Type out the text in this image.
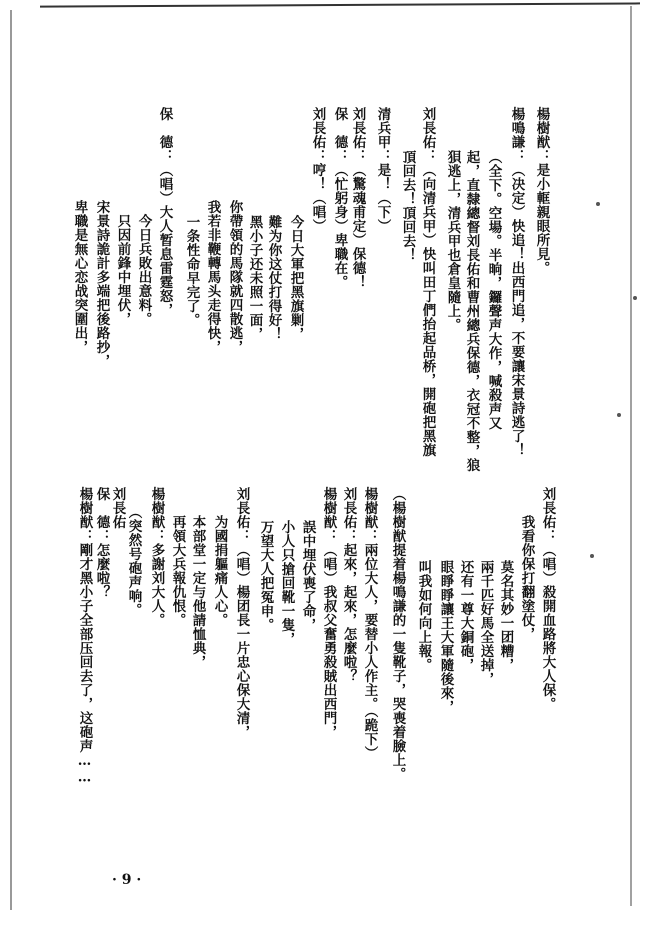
楊樹猷：是小軭親眼所見。
楊鳴謙：（决定）快追！出西門追，不要讓宋景詩逃了！
（全下。空場。半晌，鑼聲声大作，喊殺声又
起，直隸總督刘長佑和曹州總兵保德，衣冠不整，狼
狽逃上，清兵甲也倉皇隨上。
刘長佑：（向清兵甲）快叫田丁們抬起品桥，開砲把黑旗
頂回去！頂回去！
清兵甲：是！（下）
刘長佑：（驚魂甫定）保德！
保　德：（忙躬身）卑職在。
刘長佑：哼！（唱）
今日大軍把黑旗剿，
難为你这仗打得好！
黑小子还未照一面，
你帶領的馬隊就四散逃，
我若非鞭轉馬头走得快，
一条性命早完了。
保　德：（唱）大人暂息雷霆怒，
今日兵敗出意料。
只因前鋒中埋伏，
宋景詩詭計多端把後路抄，
卑職是無心恋战突圍出，
刘長佑：（唱）殺開血路將大人保。
我看你保打翻塗仗，
莫名其妙一团糟，
兩千匹好馬全送掉，
还有一尊大銅砲，
眼睜睜讓王大軍隨後來，
叫我如何向上報。
（楊樹猷提着楊鳴謙的一隻靴子，哭喪着臉上。
楊樹猷：兩位大人，要替小人作主。（跪下）
刘長佑：起來，起來，怎麼啦？
楊樹猷：（唱）我叔父奮勇殺賊出西門，
誤中埋伏喪了命，
小人只搶回靴一隻，
万望大人把冤申。
刘長佑：（唱）楊团長一片忠心保大清，
为國捐軀痛人心。
本部堂一定与他請恤典，
再領大兵報仇恨。
楊樹猷：多謝刘大人。
（突然号砲声响。
刘長佑
保　德：怎麼啦？
楊樹猷：剛才黑小子全部压回去了，这砲声……
· 9 ·
